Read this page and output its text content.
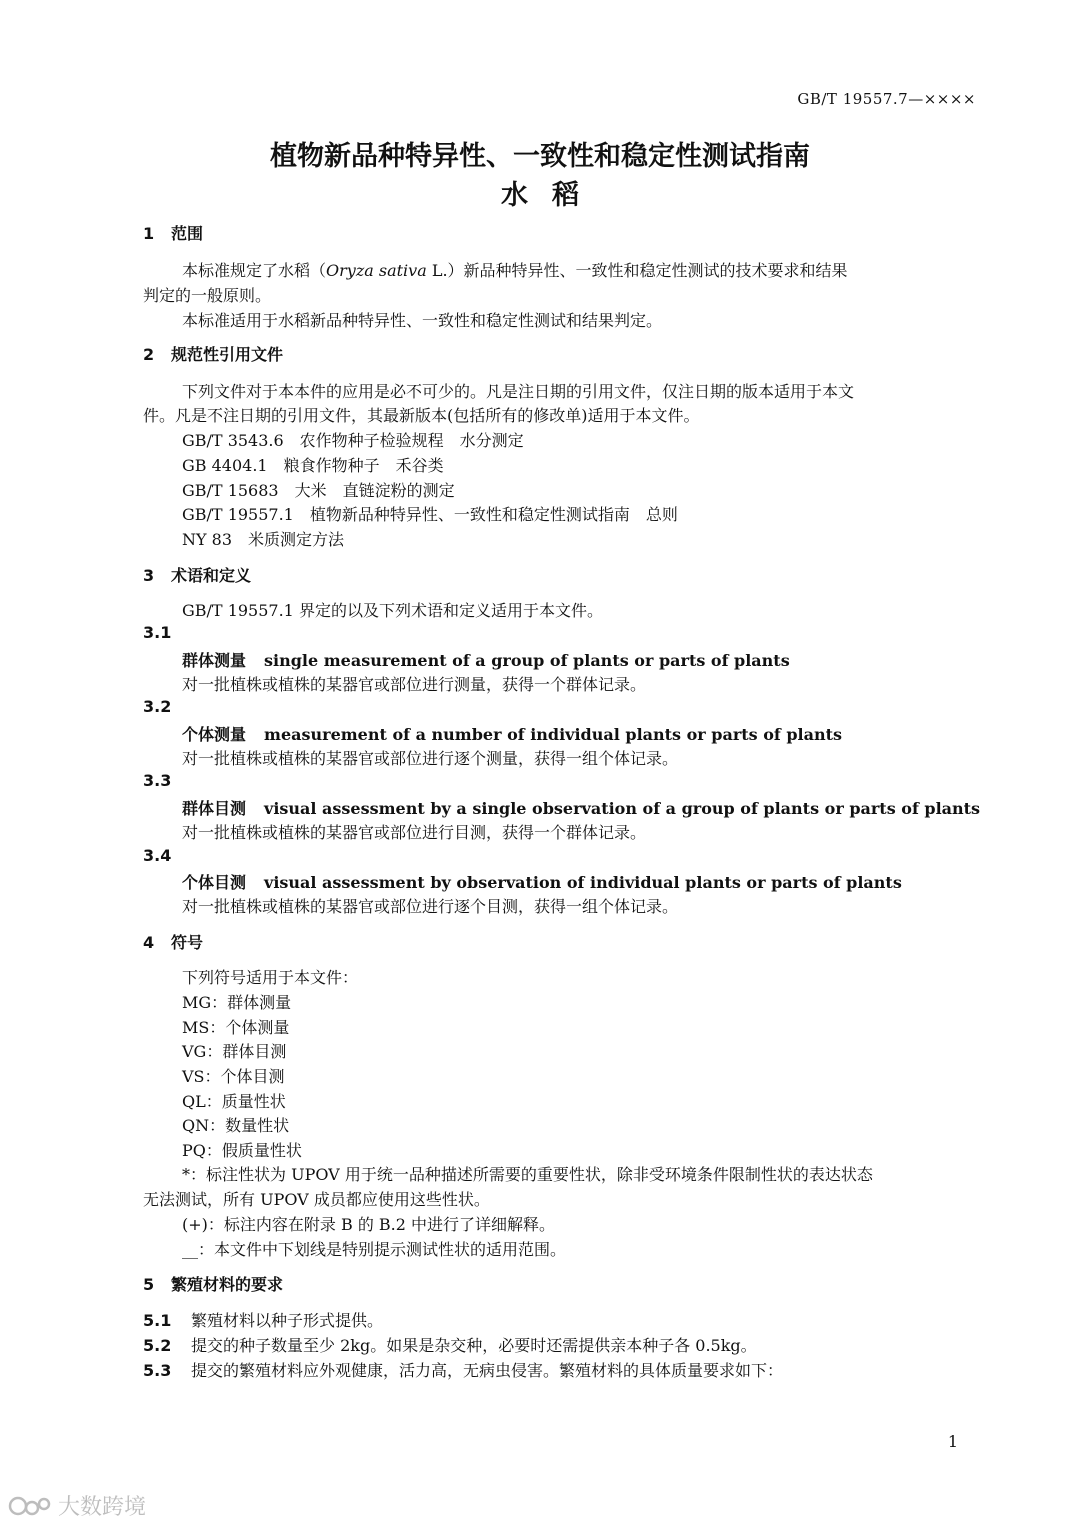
GB/T 19557.7—××××
植物新品种特异性、一致性和稳定性测试指南
水稻
1 范围
本标准规定了水稻（Oryza sativa L.）新品种特异性、一致性和稳定性测试的技术要求和结果
判定的一般原则。
本标准适用于水稻新品种特异性、一致性和稳定性测试和结果判定。
2 规范性引用文件
下列文件对于本本件的应用是必不可少的。凡是注日期的引用文件，仅注日期的版本适用于本文
件。凡是不注日期的引用文件，其最新版本(包括所有的修改单)适用于本文件。
GB/T 3543.6　农作物种子检验规程　水分测定
GB 4404.1　粮食作物种子　禾谷类
GB/T 15683　大米　直链淀粉的测定
GB/T 19557.1　植物新品种特异性、一致性和稳定性测试指南　总则
NY 83　米质测定方法
3 术语和定义
GB/T 19557.1 界定的以及下列术语和定义适用于本文件。
3.1
群体测量 single measurement of a group of plants or parts of plants
对一批植株或植株的某器官或部位进行测量，获得一个群体记录。
3.2
个体测量 measurement of a number of individual plants or parts of plants
对一批植株或植株的某器官或部位进行逐个测量，获得一组个体记录。
3.3
群体目测 visual assessment by a single observation of a group of plants or parts of plants
对一批植株或植株的某器官或部位进行目测，获得一个群体记录。
3.4
个体目测 visual assessment by observation of individual plants or parts of plants
对一批植株或植株的某器官或部位进行逐个目测，获得一组个体记录。
4 符号
下列符号适用于本文件：
MG：群体测量
MS：个体测量
VG：群体目测
VS：个体目测
QL：质量性状
QN：数量性状
PQ：假质量性状
*：标注性状为 UPOV 用于统一品种描述所需要的重要性状，除非受环境条件限制性状的表达状态
无法测试，所有 UPOV 成员都应使用这些性状。
(+)：标注内容在附录 B 的 B.2 中进行了详细解释。
__：本文件中下划线是特别提示测试性状的适用范围。
5 繁殖材料的要求
5.1 繁殖材料以种子形式提供。
5.2 提交的种子数量至少 2kg。如果是杂交种，必要时还需提供亲本种子各 0.5kg。
5.3 提交的繁殖材料应外观健康，活力高，无病虫侵害。繁殖材料的具体质量要求如下：
1
大数跨境
